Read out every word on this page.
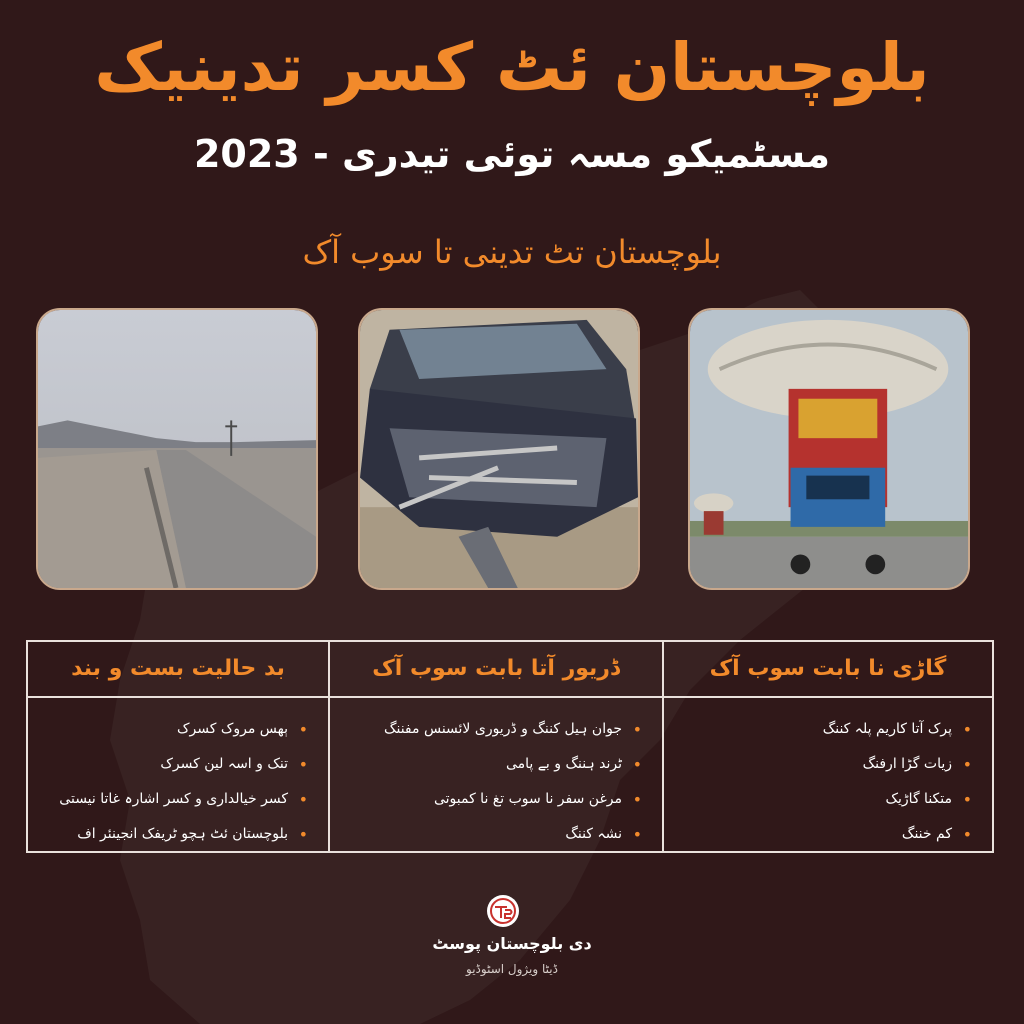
بلوچستان ئٹ کسر تدینیک
مسٹمیکو مسہ توئی تیدری - 2023
بلوچستان تٹ تدینی تا سوب آک
بد حالیت بست و بند
• ٻھس مروک کسرک
• تنک و اسہ لین کسرک
• کسر خیالداری و کسر اشارہ غاتا نیستی
• بلوچستان ئٹ ہچو ٹریفک انجینئر اف
ڈریور آتا بابت سوب آک
• جوان ہیل کننگ و ڈریوری لائسنس مفننگ
• ٹرند ہننگ و بے پامی
• مرغن سفر نا سوب تغ نا کمبوتی
• نشہ کننگ
گاڑی نا بابت سوب آک
• پرک آتا کاریم پلہ کننگ
• زیات گڑا ارفنگ
• متکنا گاڑیک
• کم خننگ
دی بلوچستان پوسٹ
ڈیٹا ویژول اسٹوڈیو
